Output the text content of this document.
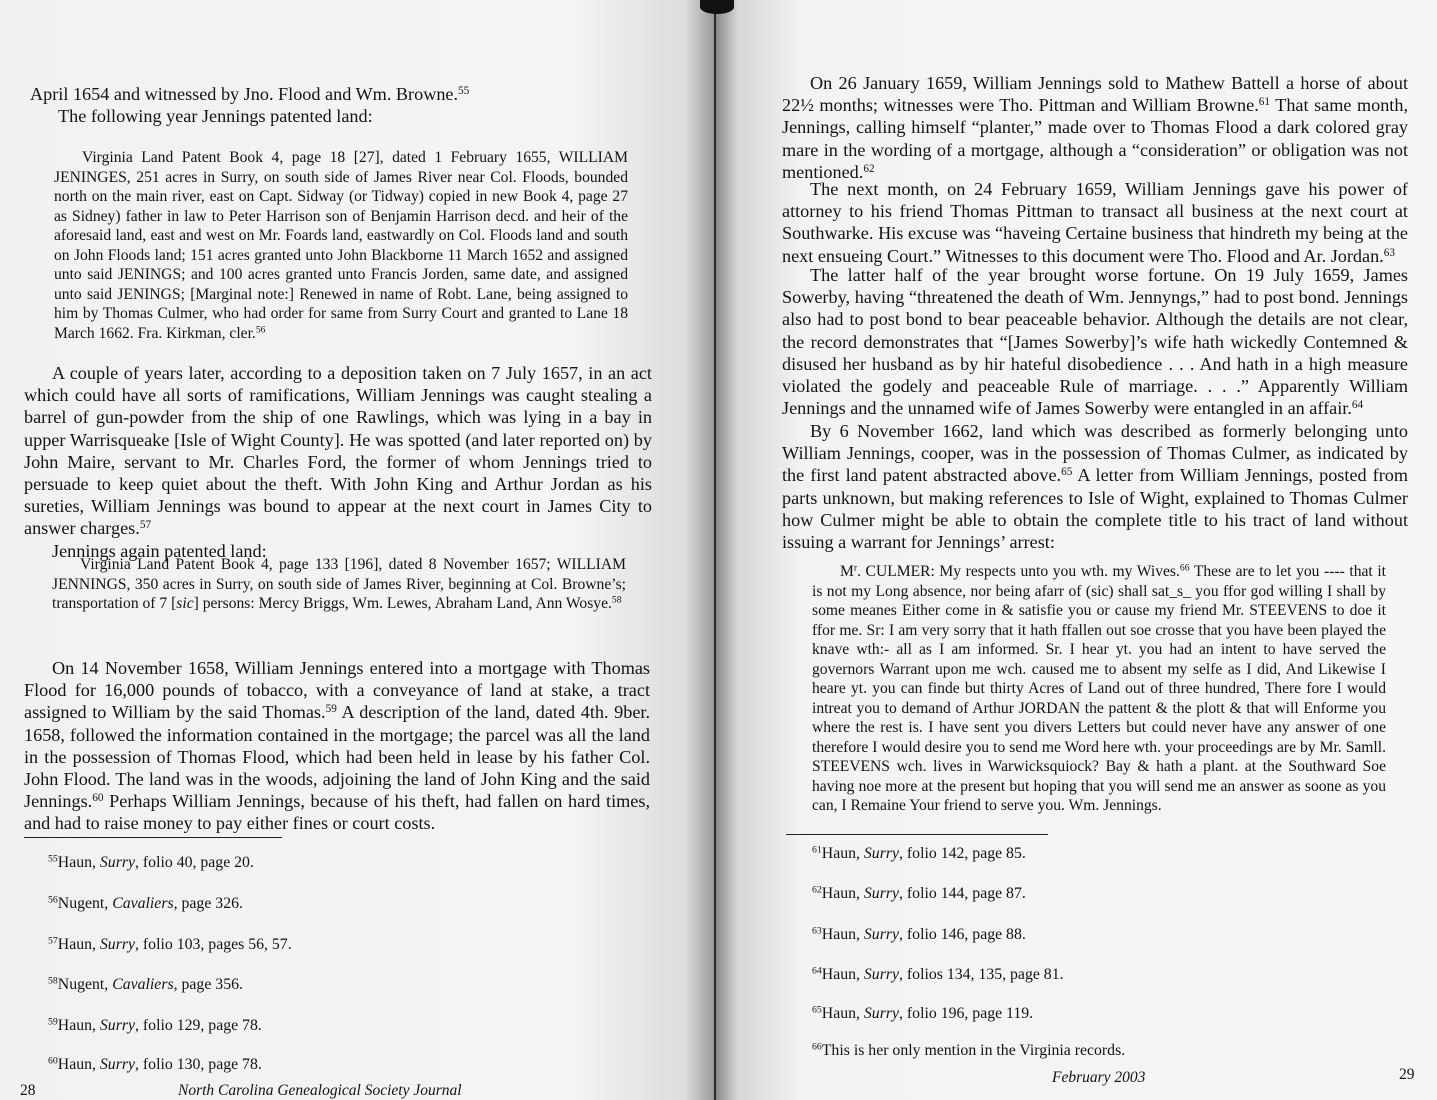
April 1654 and witnessed by Jno. Flood and Wm. Browne.$^{55}$
The following year Jennings patented land:

Virginia Land Patent Book 4, page 18 [27], dated 1 February 1655, WILLIAM JENINGES, 251 acres in Surry, on south side of James River near Col. Floods, bounded north on the main river, east on Capt. Sidway (or Tidway) copied in new Book 4, page 27 as Sidney) father in law to Peter Harrison son of Benjamin Harrison decd. and heir of the aforesaid land, east and west on Mr. Foards land, eastwardly on Col. Floods land and south on John Floods land; 151 acres granted unto John Blackborne 11 March 1652 and assigned unto said JENINGS; and 100 acres granted unto Francis Jorden, same date, and assigned unto said JENINGS; [Marginal note:] Renewed in name of Robt. Lane, being assigned to him by Thomas Culmer, who had order for same from Surry Court and granted to Lane 18 March 1662. Fra. Kirkman, cler.$^{56}$

A couple of years later, according to a deposition taken on 7 July 1657, in an act which could have all sorts of ramifications, William Jennings was caught stealing a barrel of gun-powder from the ship of one Rawlings, which was lying in a bay in upper Warrisqueake [Isle of Wight County]. He was spotted (and later reported on) by John Maire, servant to Mr. Charles Ford, the former of whom Jennings tried to persuade to keep quiet about the theft. With John King and Arthur Jordan as his sureties, William Jennings was bound to appear at the next court in James City to answer charges.$^{57}$
Jennings again patented land:

Virginia Land Patent Book 4, page 133 [196], dated 8 November 1657; WILLIAM JENNINGS, 350 acres in Surry, on south side of James River, beginning at Col. Browne’s; transportation of 7 [sic] persons: Mercy Briggs, Wm. Lewes, Abraham Land, Ann Wosye.$^{58}$

On 14 November 1658, William Jennings entered into a mortgage with Thomas Flood for 16,000 pounds of tobacco, with a conveyance of land at stake, a tract assigned to William by the said Thomas.$^{59}$ A description of the land, dated 4th. 9ber. 1658, followed the information contained in the mortgage; the parcel was all the land in the possession of Thomas Flood, which had been held in lease by his father Col. John Flood. The land was in the woods, adjoining the land of John King and the said Jennings.$^{60}$ Perhaps William Jennings, because of his theft, had fallen on hard times, and had to raise money to pay either fines or court costs.

$^{55}$Haun, Surry, folio 40, page 20.

$^{56}$Nugent, Cavaliers, page 326.

$^{57}$Haun, Surry, folio 103, pages 56, 57.

$^{58}$Nugent, Cavaliers, page 356.

$^{59}$Haun, Surry, folio 129, page 78.

$^{60}$Haun, Surry, folio 130, page 78.

28	North Carolina Genealogical Society Journal

On 26 January 1659, William Jennings sold to Mathew Battell a horse of about 22½ months; witnesses were Tho. Pittman and William Browne.$^{61}$ That same month, Jennings, calling himself “planter,” made over to Thomas Flood a dark colored gray mare in the wording of a mortgage, although a “consideration” or obligation was not mentioned.$^{62}$

The next month, on 24 February 1659, William Jennings gave his power of attorney to his friend Thomas Pittman to transact all business at the next court at Southwarke. His excuse was “haveing Certaine business that hindreth my being at the next ensueing Court.” Witnesses to this document were Tho. Flood and Ar. Jordan.$^{63}$

The latter half of the year brought worse fortune. On 19 July 1659, James Sowerby, having “threatened the death of Wm. Jennyngs,” had to post bond. Jennings also had to post bond to bear peaceable behavior. Although the details are not clear, the record demonstrates that “[James Sowerby]’s wife hath wickedly Contemned & disused her husband as by hir hateful disobedience . . . And hath in a high measure violated the godely and peaceable Rule of marriage. . . .” Apparently William Jennings and the unnamed wife of James Sowerby were entangled in an affair.$^{64}$

By 6 November 1662, land which was described as formerly belonging unto William Jennings, cooper, was in the possession of Thomas Culmer, as indicated by the first land patent abstracted above.$^{65}$ A letter from William Jennings, posted from parts unknown, but making references to Isle of Wight, explained to Thomas Culmer how Culmer might be able to obtain the complete title to his tract of land without issuing a warrant for Jennings’ arrest:

$M^r$. CULMER: My respects unto you wth. my Wives.$^{66}$ These are to let you ---- that it is not my Long absence, nor being afarr of (sic) shall sat_s_ you ffor god willing I shall by some meanes Either come in & satisfie you or cause my friend Mr. STEEVENS to doe it ffor me. Sr: I am very sorry that it hath ffallen out soe crosse that you have been played the knave wth:- all as I am informed. Sr. I hear yt. you had an intent to have served the governors Warrant upon me wch. caused me to absent my selfe as I did, And Likewise I heare yt. you can finde but thirty Acres of Land out of three hundred, There fore I would intreat you to demand of Arthur JORDAN the pattent & the plott & that will Enforme you where the rest is. I have sent you divers Letters but could never have any answer of one therefore I would desire you to send me Word here wth. your proceedings are by Mr. Samll. STEEVENS wch. lives in Warwicksquiock? Bay & hath a plant. at the Southward Soe having noe more at the present but hoping that you will send me an answer as soone as you can, I Remaine Your friend to serve you. Wm. Jennings.

$^{61}$Haun, Surry, folio 142, page 85.

$^{62}$Haun, Surry, folio 144, page 87.

$^{63}$Haun, Surry, folio 146, page 88.

$^{64}$Haun, Surry, folios 134, 135, page 81.

$^{65}$Haun, Surry, folio 196, page 119.

$^{66}$This is her only mention in the Virginia records.

February 2003	29
